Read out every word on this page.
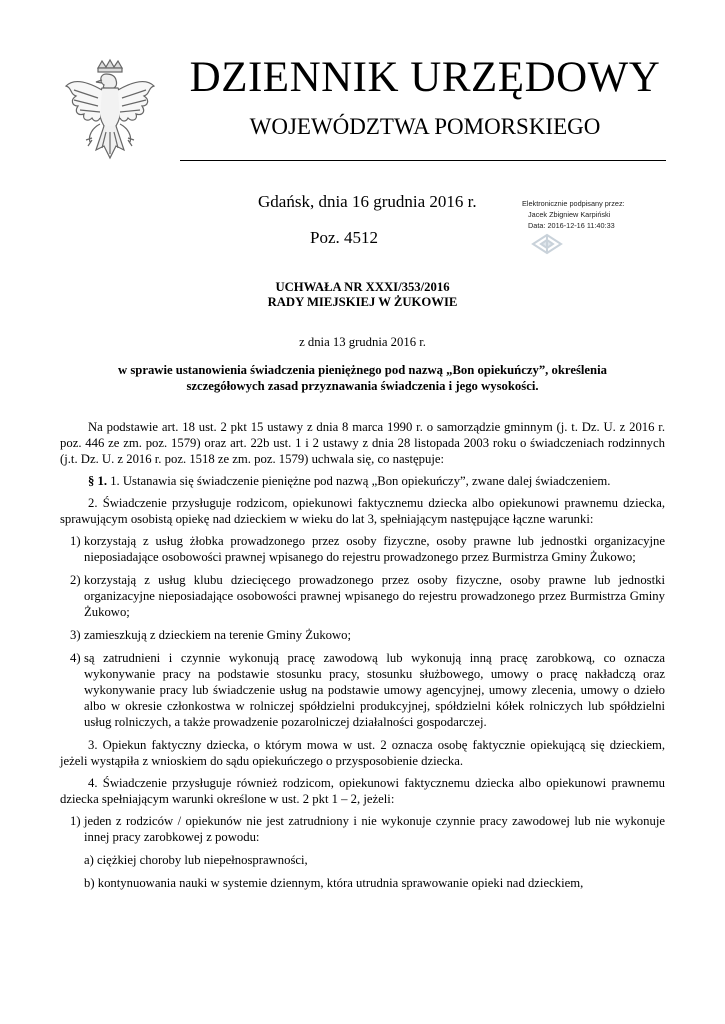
DZIENNIK URZĘDOWY
WOJEWÓDZTWA POMORSKIEGO
Gdańsk, dnia 16 grudnia 2016 r.
Poz. 4512
Elektronicznie podpisany przez:
Jacek Zbigniew Karpiński
Data: 2016-12-16 11:40:33
UCHWAŁA NR XXXI/353/2016
RADY MIEJSKIEJ W ŻUKOWIE
z dnia 13 grudnia 2016 r.
w sprawie ustanowienia świadczenia pieniężnego pod nazwą „Bon opiekuńczy”, określenia
szczegółowych zasad przyznawania świadczenia i jego wysokości.

Na podstawie art. 18 ust. 2 pkt 15 ustawy z dnia 8 marca 1990 r. o samorządzie gminnym (j. t. Dz. U. z 2016 r. poz. 446 ze zm. poz. 1579) oraz art. 22b ust. 1 i 2 ustawy z dnia 28 listopada 2003 roku o świadczeniach rodzinnych (j.t. Dz. U. z 2016 r. poz. 1518 ze zm. poz. 1579) uchwala się, co następuje:

§ 1. 1. Ustanawia się świadczenie pieniężne pod nazwą „Bon opiekuńczy”, zwane dalej świadczeniem.

2. Świadczenie przysługuje rodzicom, opiekunowi faktycznemu dziecka albo opiekunowi prawnemu dziecka, sprawującym osobistą opiekę nad dzieckiem w wieku do lat 3, spełniającym następujące łączne warunki:

1) korzystają z usług żłobka prowadzonego przez osoby fizyczne, osoby prawne lub jednostki organizacyjne nieposiadające osobowości prawnej wpisanego do rejestru prowadzonego przez Burmistrza Gminy Żukowo;
2) korzystają z usług klubu dziecięcego prowadzonego przez osoby fizyczne, osoby prawne lub jednostki organizacyjne nieposiadające osobowości prawnej wpisanego do rejestru prowadzonego przez Burmistrza Gminy Żukowo;
3) zamieszkują z dzieckiem na terenie Gminy Żukowo;
4) są zatrudnieni i czynnie wykonują pracę zawodową lub wykonują inną pracę zarobkową, co oznacza wykonywanie pracy na podstawie stosunku pracy, stosunku służbowego, umowy o pracę nakładczą oraz wykonywanie pracy lub świadczenie usług na podstawie umowy agencyjnej, umowy zlecenia, umowy o dzieło albo w okresie członkostwa w rolniczej spółdzielni produkcyjnej, spółdzielni kółek rolniczych lub spółdzielni usług rolniczych, a także prowadzenie pozarolniczej działalności gospodarczej.

3. Opiekun faktyczny dziecka, o którym mowa w ust. 2 oznacza osobę faktycznie opiekującą się dzieckiem, jeżeli wystąpiła z wnioskiem do sądu opiekuńczego o przysposobienie dziecka.

4. Świadczenie przysługuje również rodzicom, opiekunowi faktycznemu dziecka albo opiekunowi prawnemu dziecka spełniającym warunki określone w ust. 2 pkt 1 – 2, jeżeli:

1) jeden z rodziców / opiekunów nie jest zatrudniony i nie wykonuje czynnie pracy zawodowej lub nie wykonuje innej pracy zarobkowej z powodu:
a) ciężkiej choroby lub niepełnosprawności,
b) kontynuowania nauki w systemie dziennym, która utrudnia sprawowanie opieki nad dzieckiem,
